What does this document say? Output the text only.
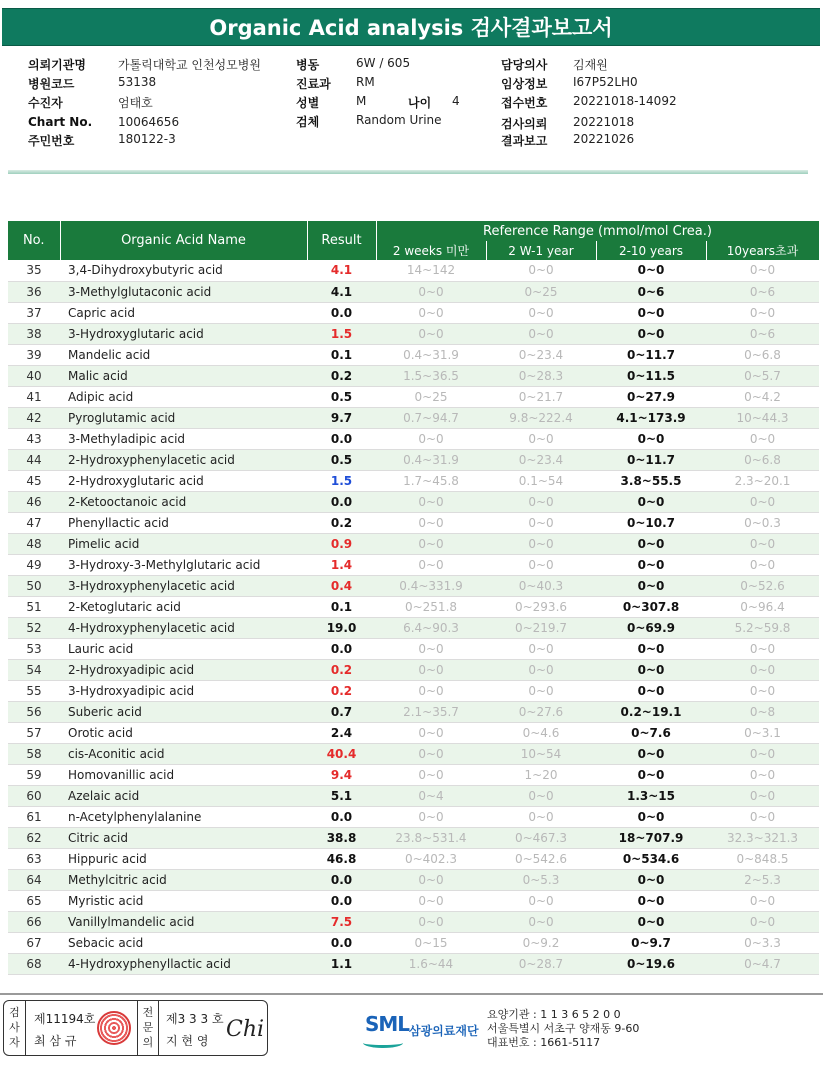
Organic Acid analysis 검사결과보고서
의뢰기관명	가톨릭대학교 인천성모병원
병원코드	53138
수진자	엄태호
Chart No. 10064656
주민번호	180122-3
병동	6W / 605
진료과 RM
성별	M	나이 4
검체	Random Urine
담당의사 김재원
임상정보 I67P52LH0
접수번호 20221018-14092
검사의뢰 20221018
결과보고 20221026
No.	Organic Acid Name	Result	Reference Range (mmol/mol Crea.)			
			2 weeks 미만	2 W-1 year	2-10 years	10years초과
35	3,4-Dihydroxybutyric acid	4.1	14~142	0~0	0~0	0~0
36	3-Methylglutaconic acid	4.1	0~0	0~25	0~6	0~6
37	Capric acid	0.0	0~0	0~0	0~0	0~0
38	3-Hydroxyglutaric acid	1.5	0~0	0~0	0~0	0~6
39	Mandelic acid	0.1	0.4~31.9	0~23.4	0~11.7	0~6.8
40	Malic acid	0.2	1.5~36.5	0~28.3	0~11.5	0~5.7
41	Adipic acid	0.5	0~25	0~21.7	0~27.9	0~4.2
42	Pyroglutamic acid	9.7	0.7~94.7	9.8~222.4	4.1~173.9	10~44.3
43	3-Methyladipic acid	0.0	0~0	0~0	0~0	0~0
44	2-Hydroxyphenylacetic acid	0.5	0.4~31.9	0~23.4	0~11.7	0~6.8
45	2-Hydroxyglutaric acid	1.5	1.7~45.8	0.1~54	3.8~55.5	2.3~20.1
46	2-Ketooctanoic acid	0.0	0~0	0~0	0~0	0~0
47	Phenyllactic acid	0.2	0~0	0~0	0~10.7	0~0.3
48	Pimelic acid	0.9	0~0	0~0	0~0	0~0
49	3-Hydroxy-3-Methylglutaric acid	1.4	0~0	0~0	0~0	0~0
50	3-Hydroxyphenylacetic acid	0.4	0.4~331.9	0~40.3	0~0	0~52.6
51	2-Ketoglutaric acid	0.1	0~251.8	0~293.6	0~307.8	0~96.4
52	4-Hydroxyphenylacetic acid	19.0	6.4~90.3	0~219.7	0~69.9	5.2~59.8
53	Lauric acid	0.0	0~0	0~0	0~0	0~0
54	2-Hydroxyadipic acid	0.2	0~0	0~0	0~0	0~0
55	3-Hydroxyadipic acid	0.2	0~0	0~0	0~0	0~0
56	Suberic acid	0.7	2.1~35.7	0~27.6	0.2~19.1	0~8
57	Orotic acid	2.4	0~0	0~4.6	0~7.6	0~3.1
58	cis-Aconitic acid	40.4	0~0	10~54	0~0	0~0
59	Homovanillic acid	9.4	0~0	1~20	0~0	0~0
60	Azelaic acid	5.1	0~4	0~0	1.3~15	0~0
61	n-Acetylphenylalanine	0.0	0~0	0~0	0~0	0~0
62	Citric acid	38.8	23.8~531.4	0~467.3	18~707.9	32.3~321.3
63	Hippuric acid	46.8	0~402.3	0~542.6	0~534.6	0~848.5
64	Methylcitric acid	0.0	0~0	0~5.3	0~0	2~5.3
65	Myristic acid	0.0	0~0	0~0	0~0	0~0
66	Vanillylmandelic acid	7.5	0~0	0~0	0~0	0~0
67	Sebacic acid	0.0	0~15	0~9.2	0~9.7	0~3.3
68	4-Hydroxyphenyllactic acid	1.1	1.6~44	0~28.7	0~19.6	0~4.7
검사자
제11194호
최 삼 규
전문의
제3 3 3 호
지 현 영 Chi	SML 삼광의료재단
요양기관 : 1 1 3 6 5 2 0 0
서울특별시 서초구 양재동 9-60
대표번호 : 1661-5117
